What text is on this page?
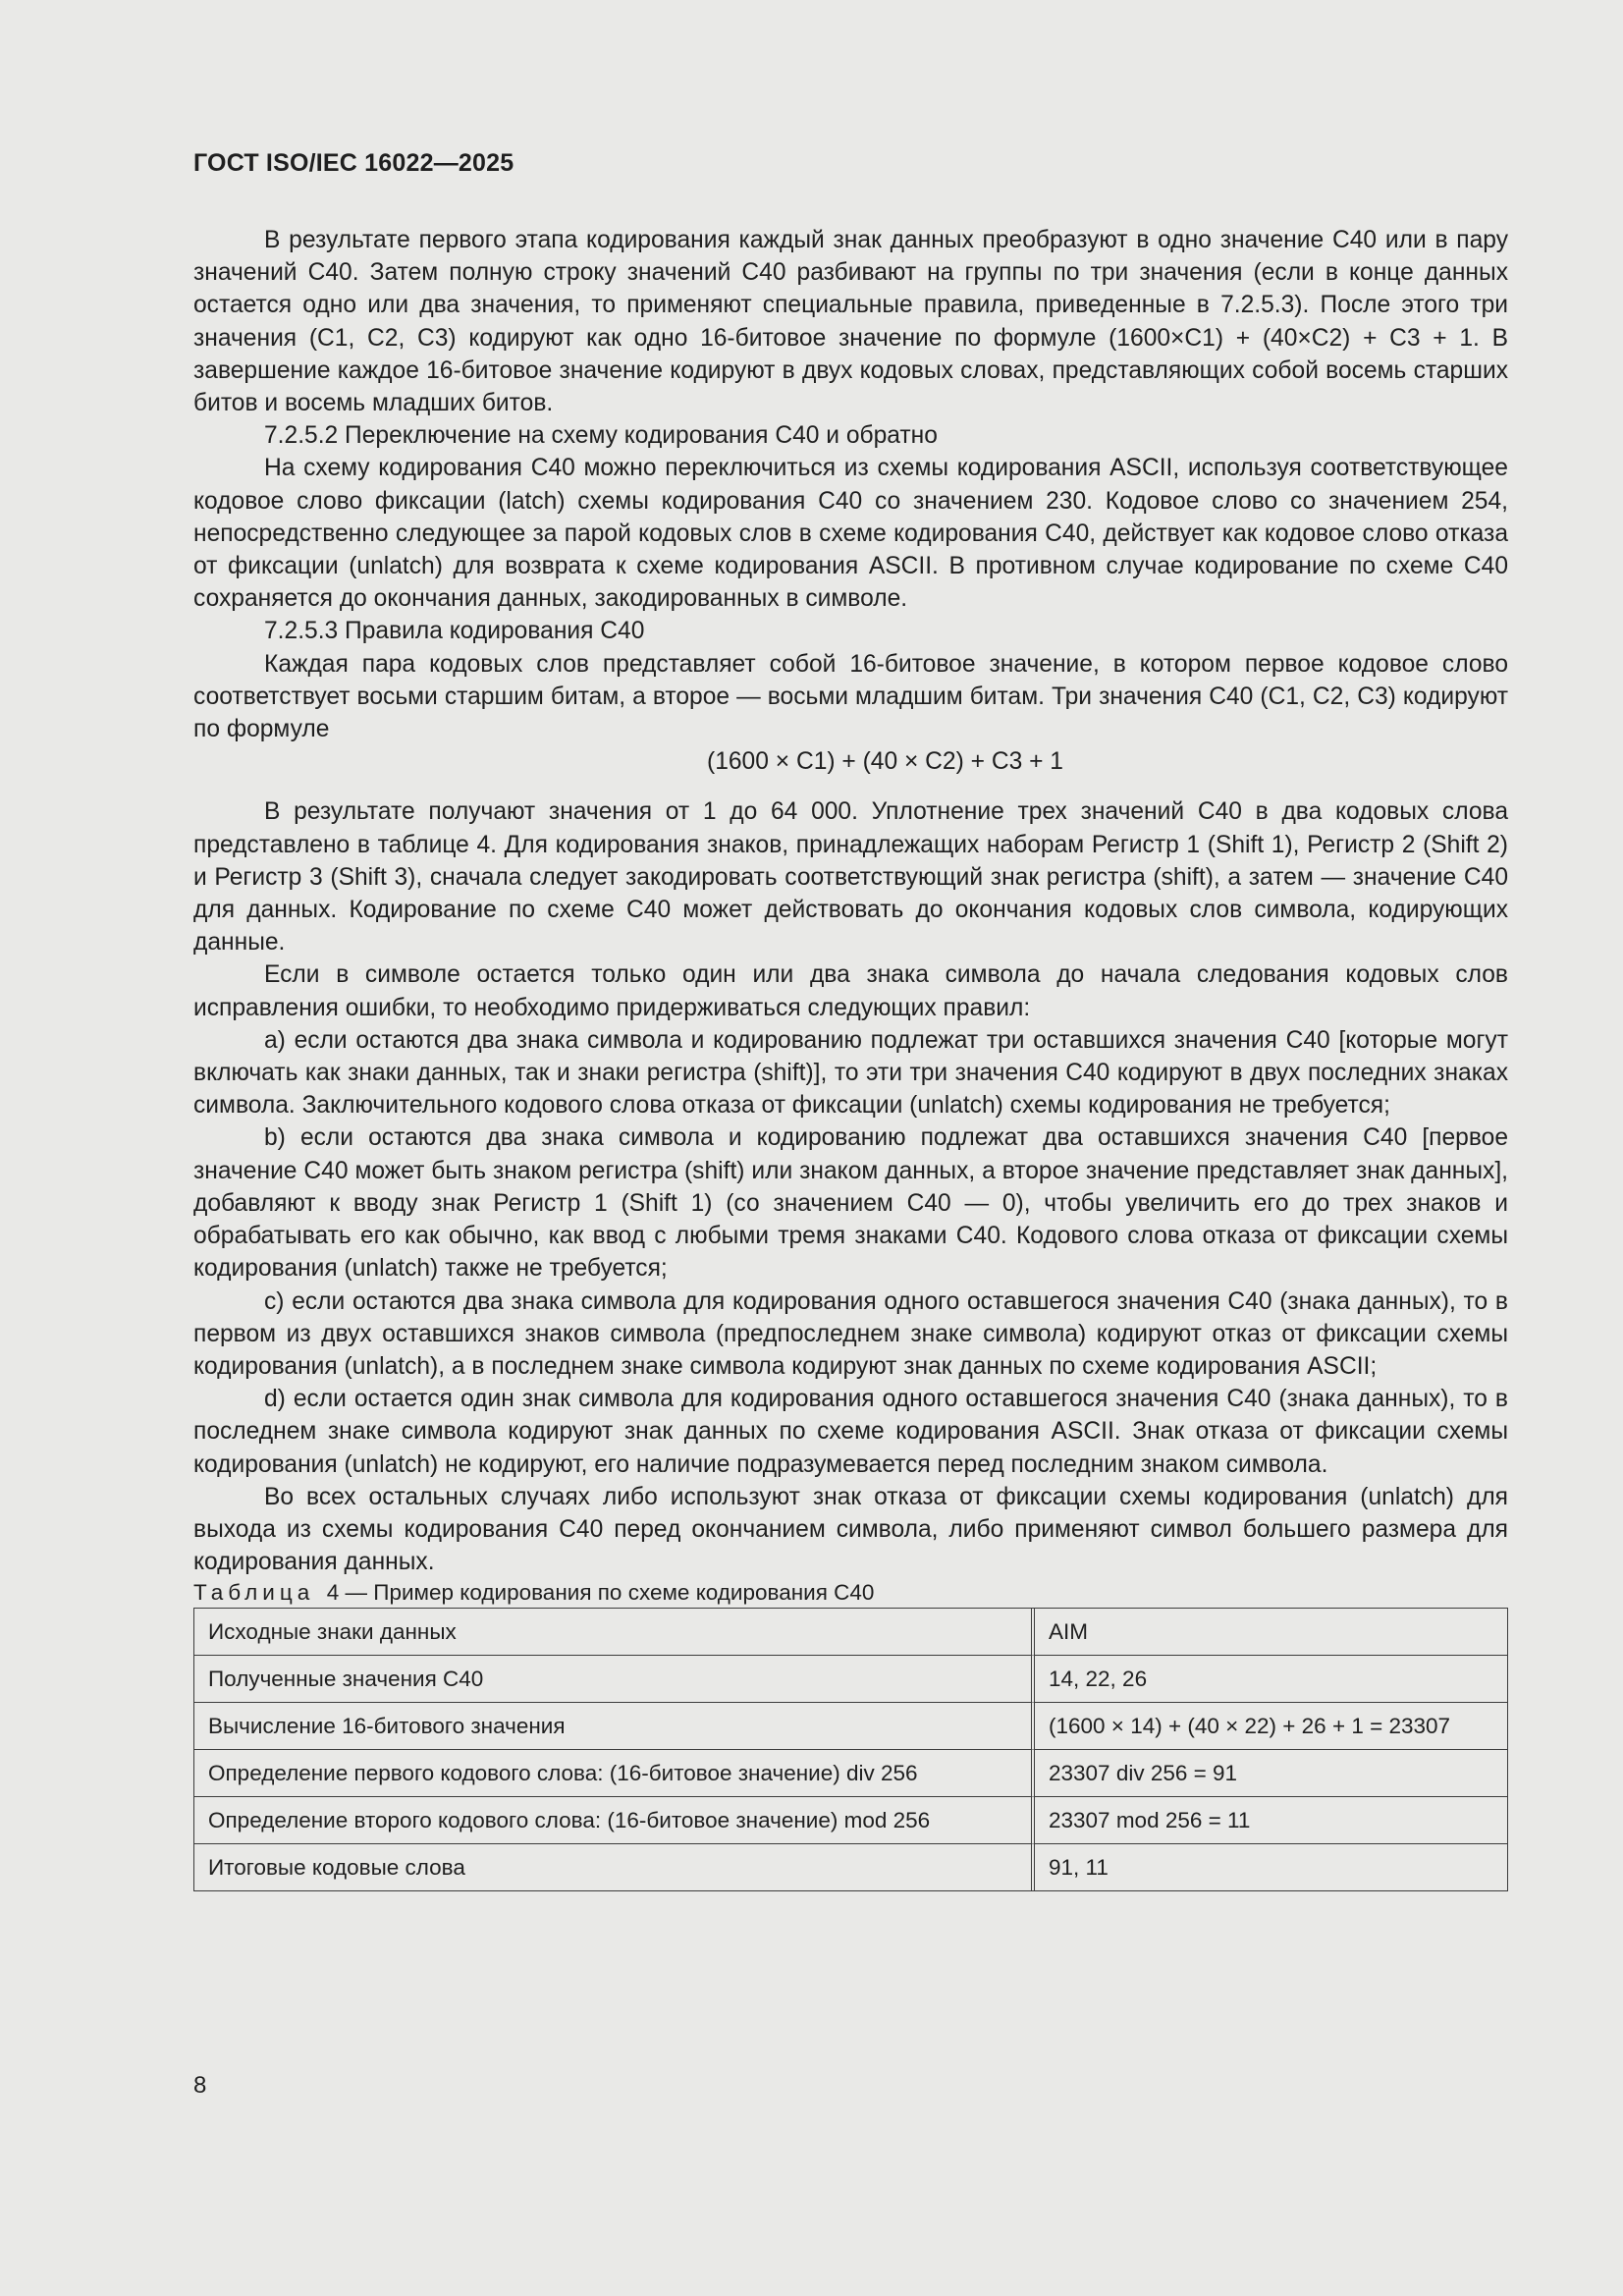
ГОСТ ISO/IEC 16022—2025

В результате первого этапа кодирования каждый знак данных преобразуют в одно значение С40 или в пару значений С40. Затем полную строку значений С40 разбивают на группы по три значения (если в конце данных остается одно или два значения, то применяют специальные правила, приведенные в 7.2.5.3). После этого три значения (С1, С2, С3) кодируют как одно 16-битовое значение по формуле (1600×С1) + (40×С2) + С3 + 1. В завершение каждое 16-битовое значение кодируют в двух кодовых словах, представляющих собой восемь старших битов и восемь младших битов.

7.2.5.2 Переключение на схему кодирования С40 и обратно

На схему кодирования С40 можно переключиться из схемы кодирования ASCII, используя соответствующее кодовое слово фиксации (latch) схемы кодирования С40 со значением 230. Кодовое слово со значением 254, непосредственно следующее за парой кодовых слов в схеме кодирования С40, действует как кодовое слово отказа от фиксации (unlatch) для возврата к схеме кодирования ASCII. В противном случае кодирование по схеме С40 сохраняется до окончания данных, закодированных в символе.

7.2.5.3 Правила кодирования С40

Каждая пара кодовых слов представляет собой 16-битовое значение, в котором первое кодовое слово соответствует восьми старшим битам, а второе — восьми младшим битам. Три значения С40 (С1, С2, С3) кодируют по формуле

(1600 × С1) + (40 × С2) + С3 + 1

В результате получают значения от 1 до 64 000. Уплотнение трех значений С40 в два кодовых слова представлено в таблице 4. Для кодирования знаков, принадлежащих наборам Регистр 1 (Shift 1), Регистр 2 (Shift 2) и Регистр 3 (Shift 3), сначала следует закодировать соответствующий знак регистра (shift), а затем — значение С40 для данных. Кодирование по схеме С40 может действовать до окончания кодовых слов символа, кодирующих данные.

Если в символе остается только один или два знака символа до начала следования кодовых слов исправления ошибки, то необходимо придерживаться следующих правил:

a) если остаются два знака символа и кодированию подлежат три оставшихся значения С40 [которые могут включать как знаки данных, так и знаки регистра (shift)], то эти три значения С40 кодируют в двух последних знаках символа. Заключительного кодового слова отказа от фиксации (unlatch) схемы кодирования не требуется;

b) если остаются два знака символа и кодированию подлежат два оставшихся значения С40 [первое значение С40 может быть знаком регистра (shift) или знаком данных, а второе значение представляет знак данных], добавляют к вводу знак Регистр 1 (Shift 1) (со значением С40 — 0), чтобы увеличить его до трех знаков и обрабатывать его как обычно, как ввод с любыми тремя знаками С40. Кодового слова отказа от фиксации схемы кодирования (unlatch) также не требуется;

c) если остаются два знака символа для кодирования одного оставшегося значения С40 (знака данных), то в первом из двух оставшихся знаков символа (предпоследнем знаке символа) кодируют отказ от фиксации схемы кодирования (unlatch), а в последнем знаке символа кодируют знак данных по схеме кодирования ASCII;

d) если остается один знак символа для кодирования одного оставшегося значения С40 (знака данных), то в последнем знаке символа кодируют знак данных по схеме кодирования ASCII. Знак отказа от фиксации схемы кодирования (unlatch) не кодируют, его наличие подразумевается перед последним знаком символа.

Во всех остальных случаях либо используют знак отказа от фиксации схемы кодирования (unlatch) для выхода из схемы кодирования С40 перед окончанием символа, либо применяют символ большего размера для кодирования данных.

Таблица 4 — Пример кодирования по схеме кодирования С40

Исходные знаки данных	AIM
Полученные значения С40	14, 22, 26
Вычисление 16-битового значения	(1600 × 14) + (40 × 22) + 26 + 1 = 23307
Определение первого кодового слова: (16-битовое значение) div 256	23307 div 256 = 91
Определение второго кодового слова: (16-битовое значение) mod 256	23307 mod 256 = 11
Итоговые кодовые слова	91, 11
8
